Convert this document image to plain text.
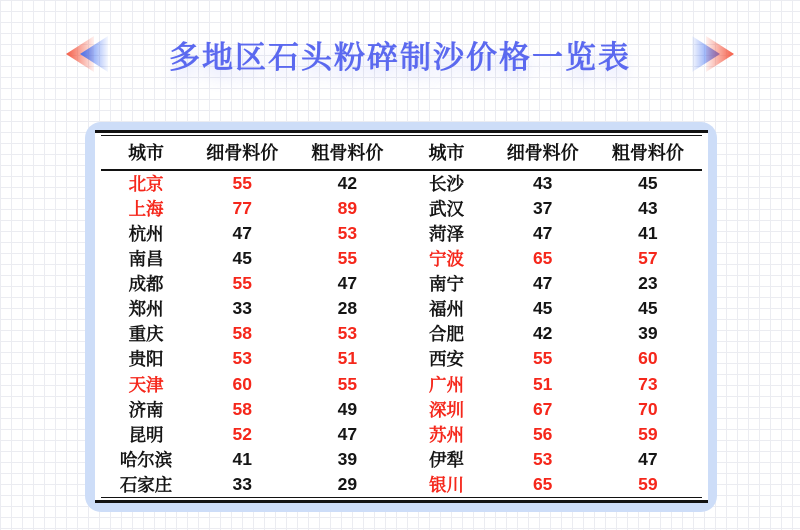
多地区石头粉碎制沙价格一览表
城市	细骨料价	粗骨料价	城市	细骨料价	粗骨料价
北京	55	42	长沙	43	45
上海	77	89	武汉	37	43
杭州	47	53	菏泽	47	41
南昌	45	55	宁波	65	57
成都	55	47	南宁	47	23
郑州	33	28	福州	45	45
重庆	58	53	合肥	42	39
贵阳	53	51	西安	55	60
天津	60	55	广州	51	73
济南	58	49	深圳	67	70
昆明	52	47	苏州	56	59
哈尔滨	41	39	伊犁	53	47
石家庄	33	29	银川	65	59
